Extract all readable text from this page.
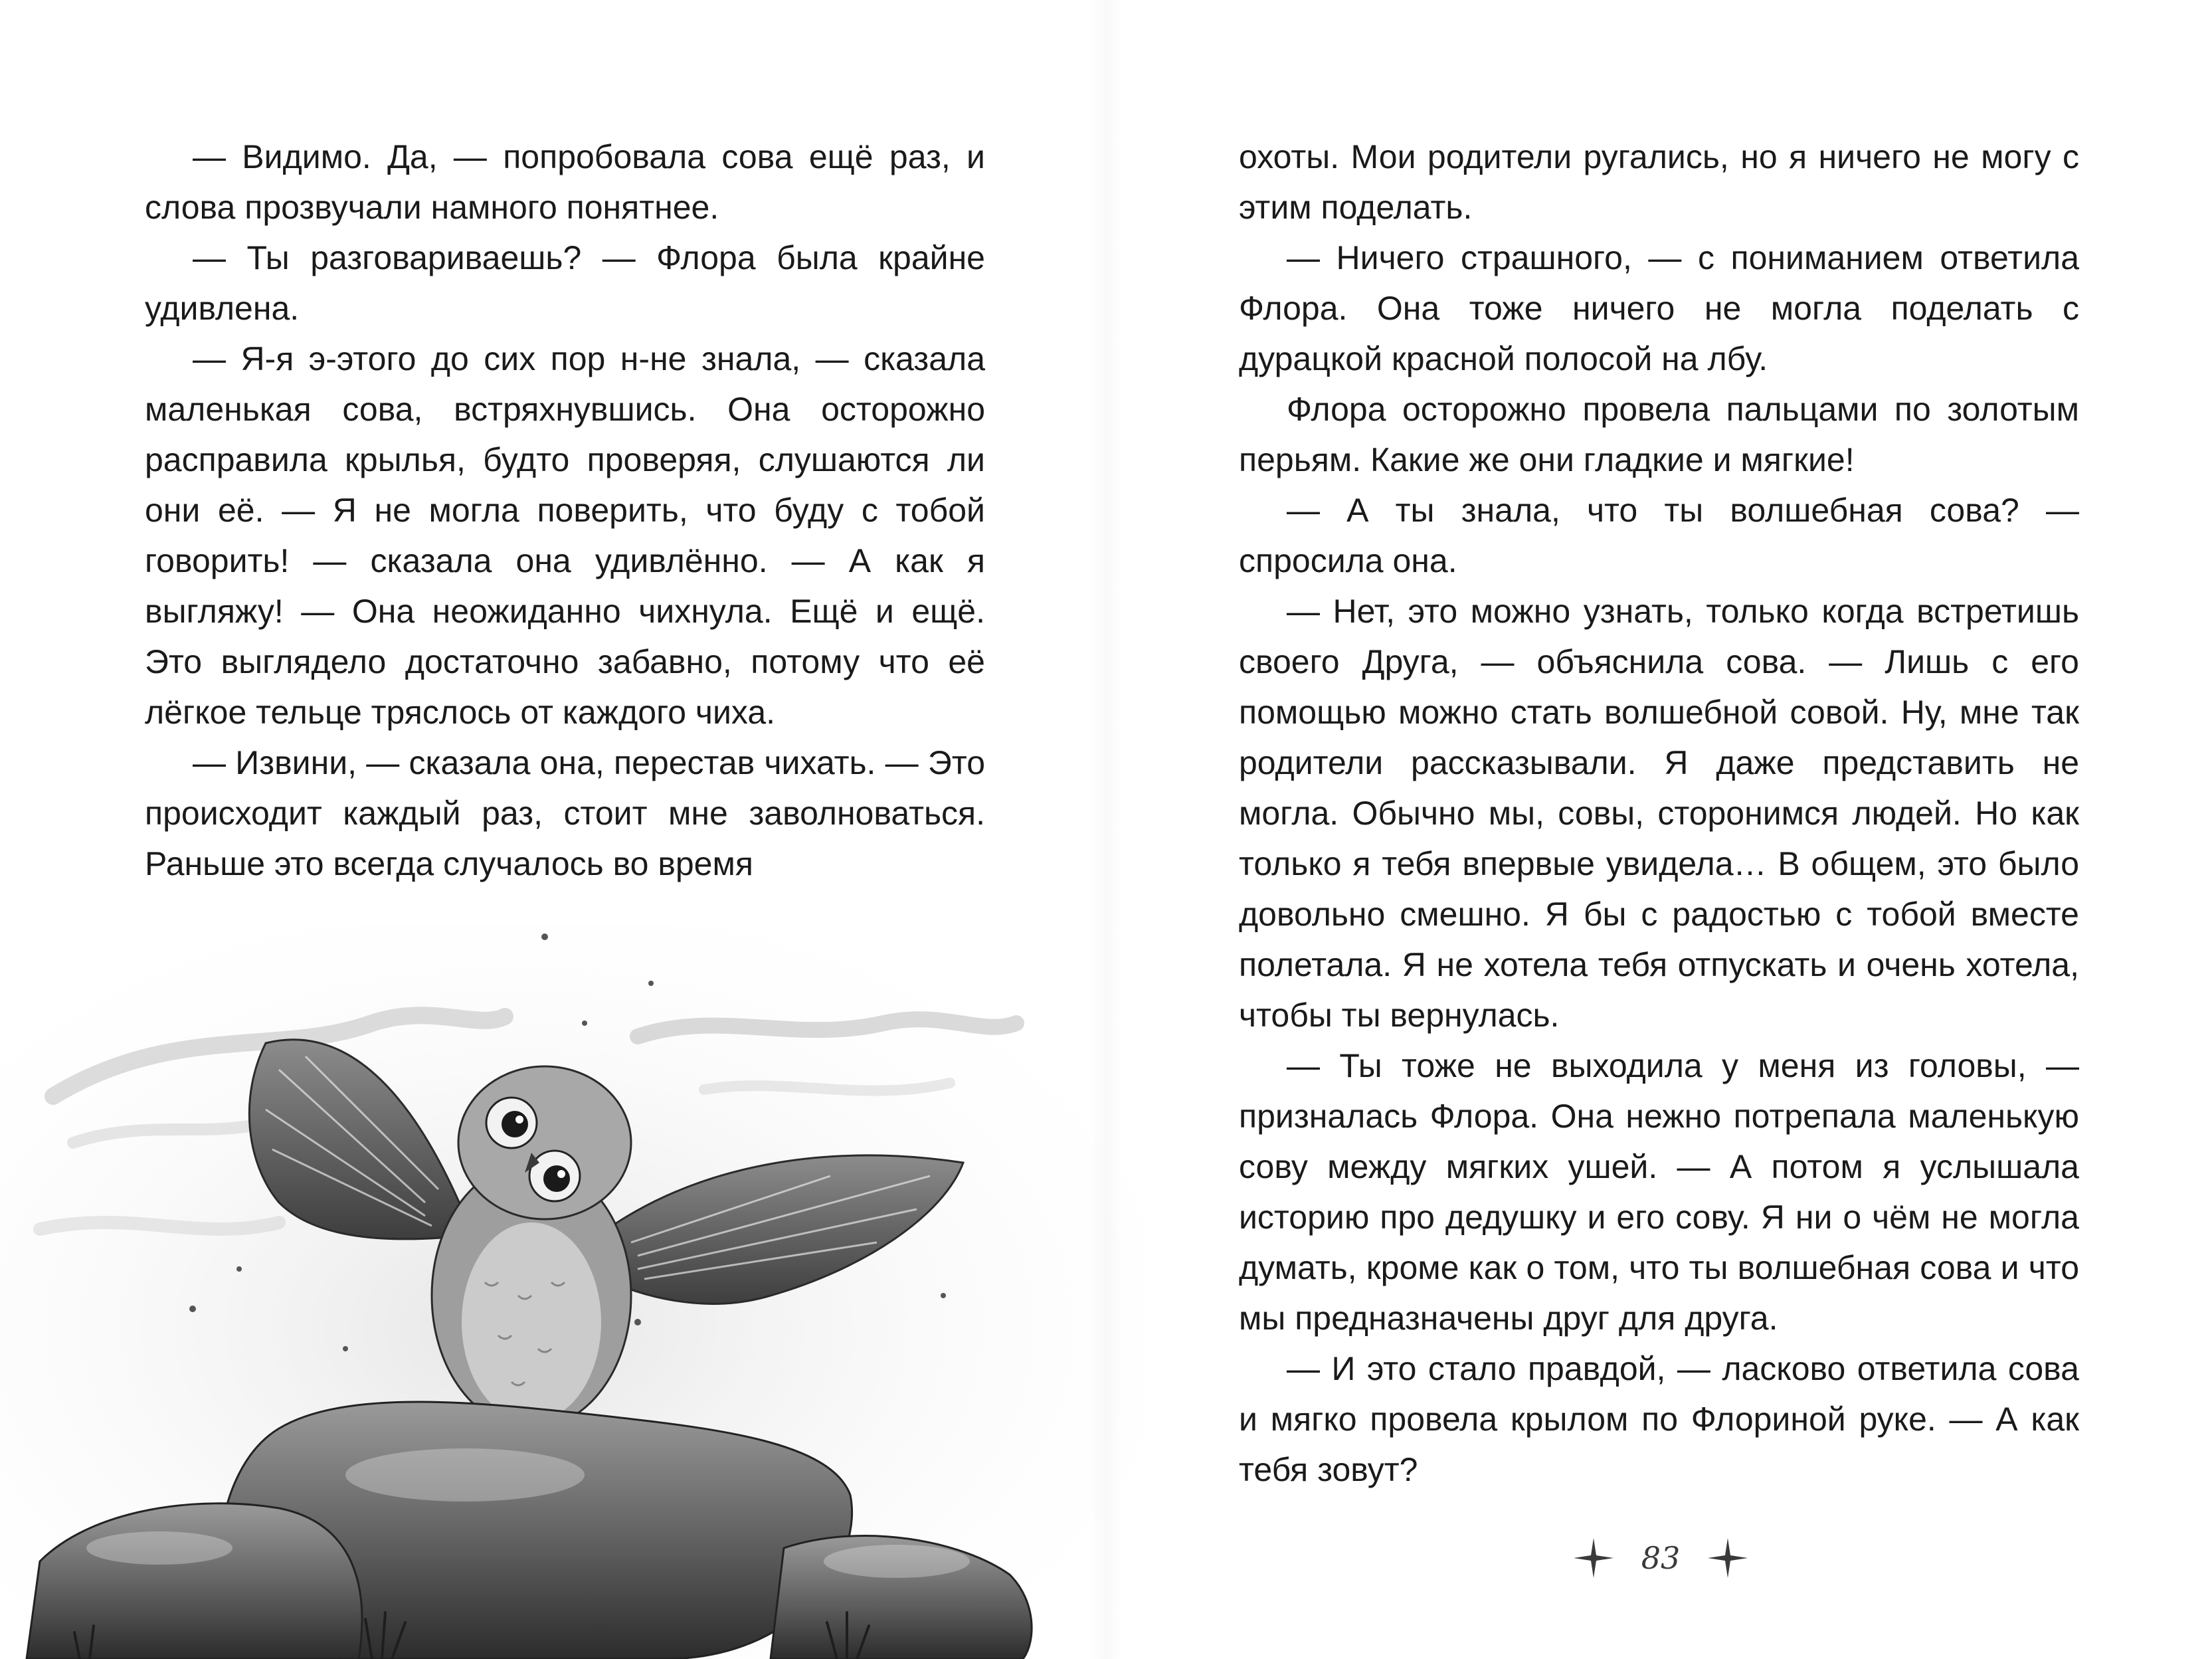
— Видимо. Да, — попробовала сова ещё раз, и слова прозвучали намного понятнее.

— Ты разговариваешь? — Флора была крайне удивлена.

— Я-я э-этого до сих пор н-не знала, — сказала маленькая сова, встряхнувшись. Она осторожно расправила крылья, будто проверяя, слушаются ли они её. — Я не могла поверить, что буду с тобой говорить! — сказала она удивлённо. — А как я выгляжу! — Она неожиданно чихнула. Ещё и ещё. Это выглядело достаточно забавно, потому что её лёгкое тельце тряслось от каждого чиха.

— Извини, — сказала она, перестав чихать. — Это происходит каждый раз, стоит мне заволноваться. Раньше это всегда случалось во время

охоты. Мои родители ругались, но я ничего не могу с этим поделать.

— Ничего страшного, — с пониманием ответила Флора. Она тоже ничего не могла поделать с дурацкой красной полосой на лбу.

Флора осторожно провела пальцами по золотым перьям. Какие же они гладкие и мягкие!

— А ты знала, что ты волшебная сова? — спросила она.

— Нет, это можно узнать, только когда встретишь своего Друга, — объяснила сова. — Лишь с его помощью можно стать волшебной совой. Ну, мне так родители рассказывали. Я даже представить не могла. Обычно мы, совы, сторонимся людей. Но как только я тебя впервые увидела… В общем, это было довольно смешно. Я бы с радостью с тобой вместе полетала. Я не хотела тебя отпускать и очень хотела, чтобы ты вернулась.

— Ты тоже не выходила у меня из головы, — призналась Флора. Она нежно потрепала маленькую сову между мягких ушей. — А потом я услышала историю про дедушку и его сову. Я ни о чём не могла думать, кроме как о том, что ты волшебная сова и что мы предназначены друг для друга.

— И это стало правдой, — ласково ответила сова и мягко провела крылом по Флориной руке. — А как тебя зовут?

83
